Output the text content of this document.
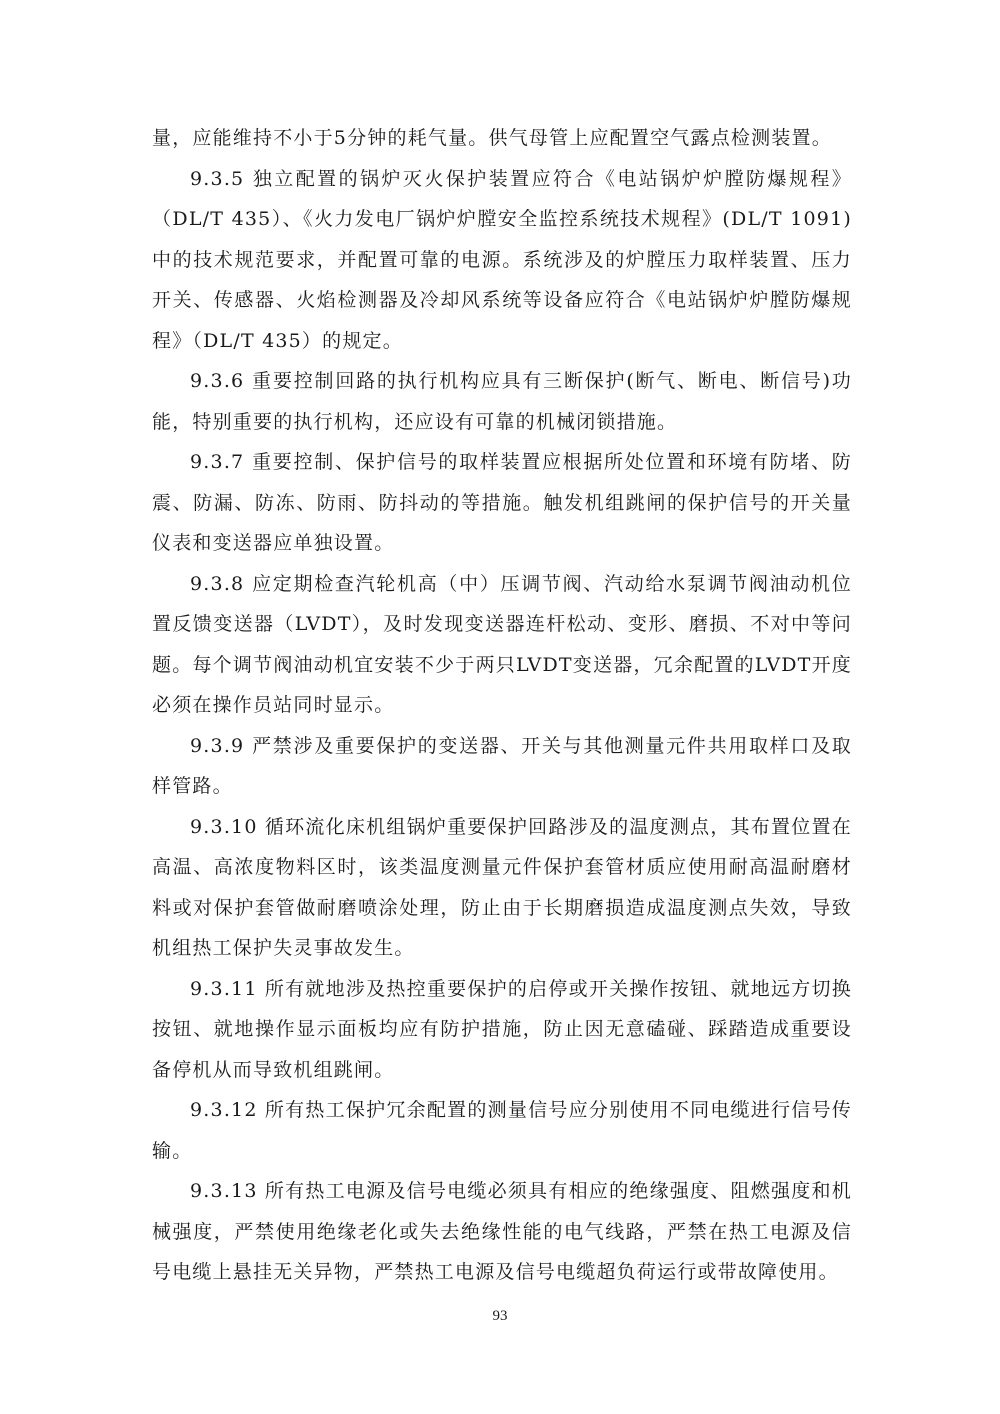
量，应能维持不小于5分钟的耗气量。供气母管上应配置空气露点检测装置。

9.3.5 独立配置的锅炉灭火保护装置应符合《电站锅炉炉膛防爆规程》（DL/T 435）、《火力发电厂锅炉炉膛安全监控系统技术规程》(DL/T 1091)中的技术规范要求，并配置可靠的电源。系统涉及的炉膛压力取样装置、压力开关、传感器、火焰检测器及冷却风系统等设备应符合《电站锅炉炉膛防爆规程》（DL/T 435）的规定。

9.3.6 重要控制回路的执行机构应具有三断保护(断气、断电、断信号)功能，特别重要的执行机构，还应设有可靠的机械闭锁措施。

9.3.7 重要控制、保护信号的取样装置应根据所处位置和环境有防堵、防震、防漏、防冻、防雨、防抖动的等措施。触发机组跳闸的保护信号的开关量仪表和变送器应单独设置。

9.3.8 应定期检查汽轮机高（中）压调节阀、汽动给水泵调节阀油动机位置反馈变送器（LVDT），及时发现变送器连杆松动、变形、磨损、不对中等问题。每个调节阀油动机宜安装不少于两只LVDT变送器，冗余配置的LVDT开度必须在操作员站同时显示。

9.3.9 严禁涉及重要保护的变送器、开关与其他测量元件共用取样口及取样管路。

9.3.10 循环流化床机组锅炉重要保护回路涉及的温度测点，其布置位置在高温、高浓度物料区时，该类温度测量元件保护套管材质应使用耐高温耐磨材料或对保护套管做耐磨喷涂处理，防止由于长期磨损造成温度测点失效，导致机组热工保护失灵事故发生。

9.3.11 所有就地涉及热控重要保护的启停或开关操作按钮、就地远方切换按钮、就地操作显示面板均应有防护措施，防止因无意磕碰、踩踏造成重要设备停机从而导致机组跳闸。

9.3.12 所有热工保护冗余配置的测量信号应分别使用不同电缆进行信号传输。

9.3.13 所有热工电源及信号电缆必须具有相应的绝缘强度、阻燃强度和机械强度，严禁使用绝缘老化或失去绝缘性能的电气线路，严禁在热工电源及信号电缆上悬挂无关异物，严禁热工电源及信号电缆超负荷运行或带故障使用。

93
